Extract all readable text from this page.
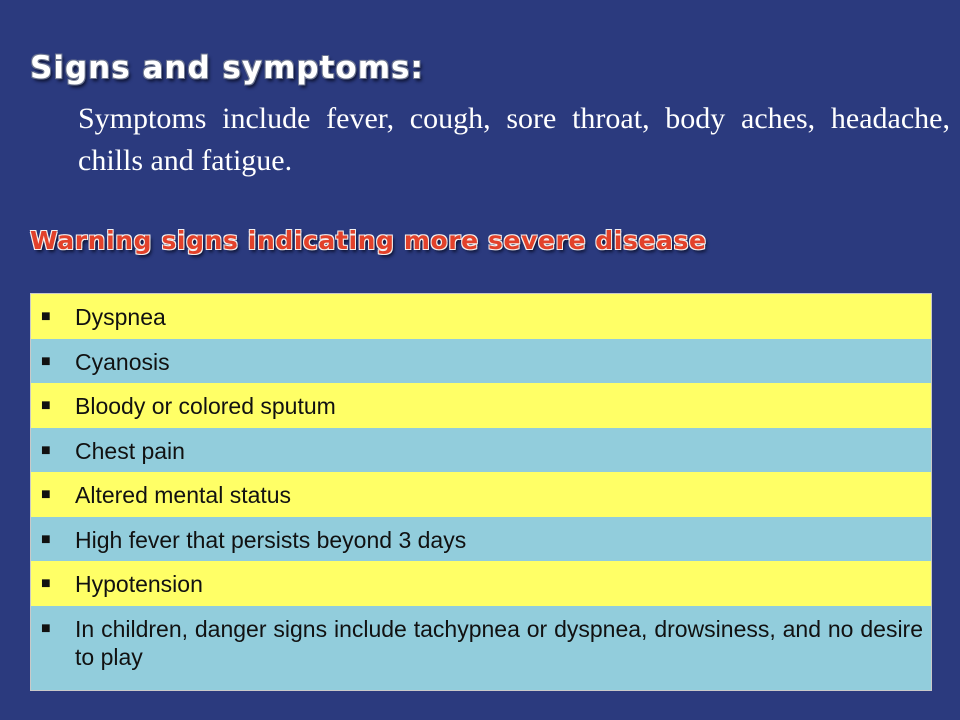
Signs and symptoms:
Symptoms include fever, cough, sore throat, body aches, headache, chills and fatigue.
Warning signs indicating more severe disease
■	Dyspnea
■	Cyanosis
■	Bloody or colored sputum
■	Chest pain
■	Altered mental status
■	High fever that persists beyond 3 days
■	Hypotension
■	In children, danger signs include tachypnea or dyspnea, drowsiness, and no desire to play
